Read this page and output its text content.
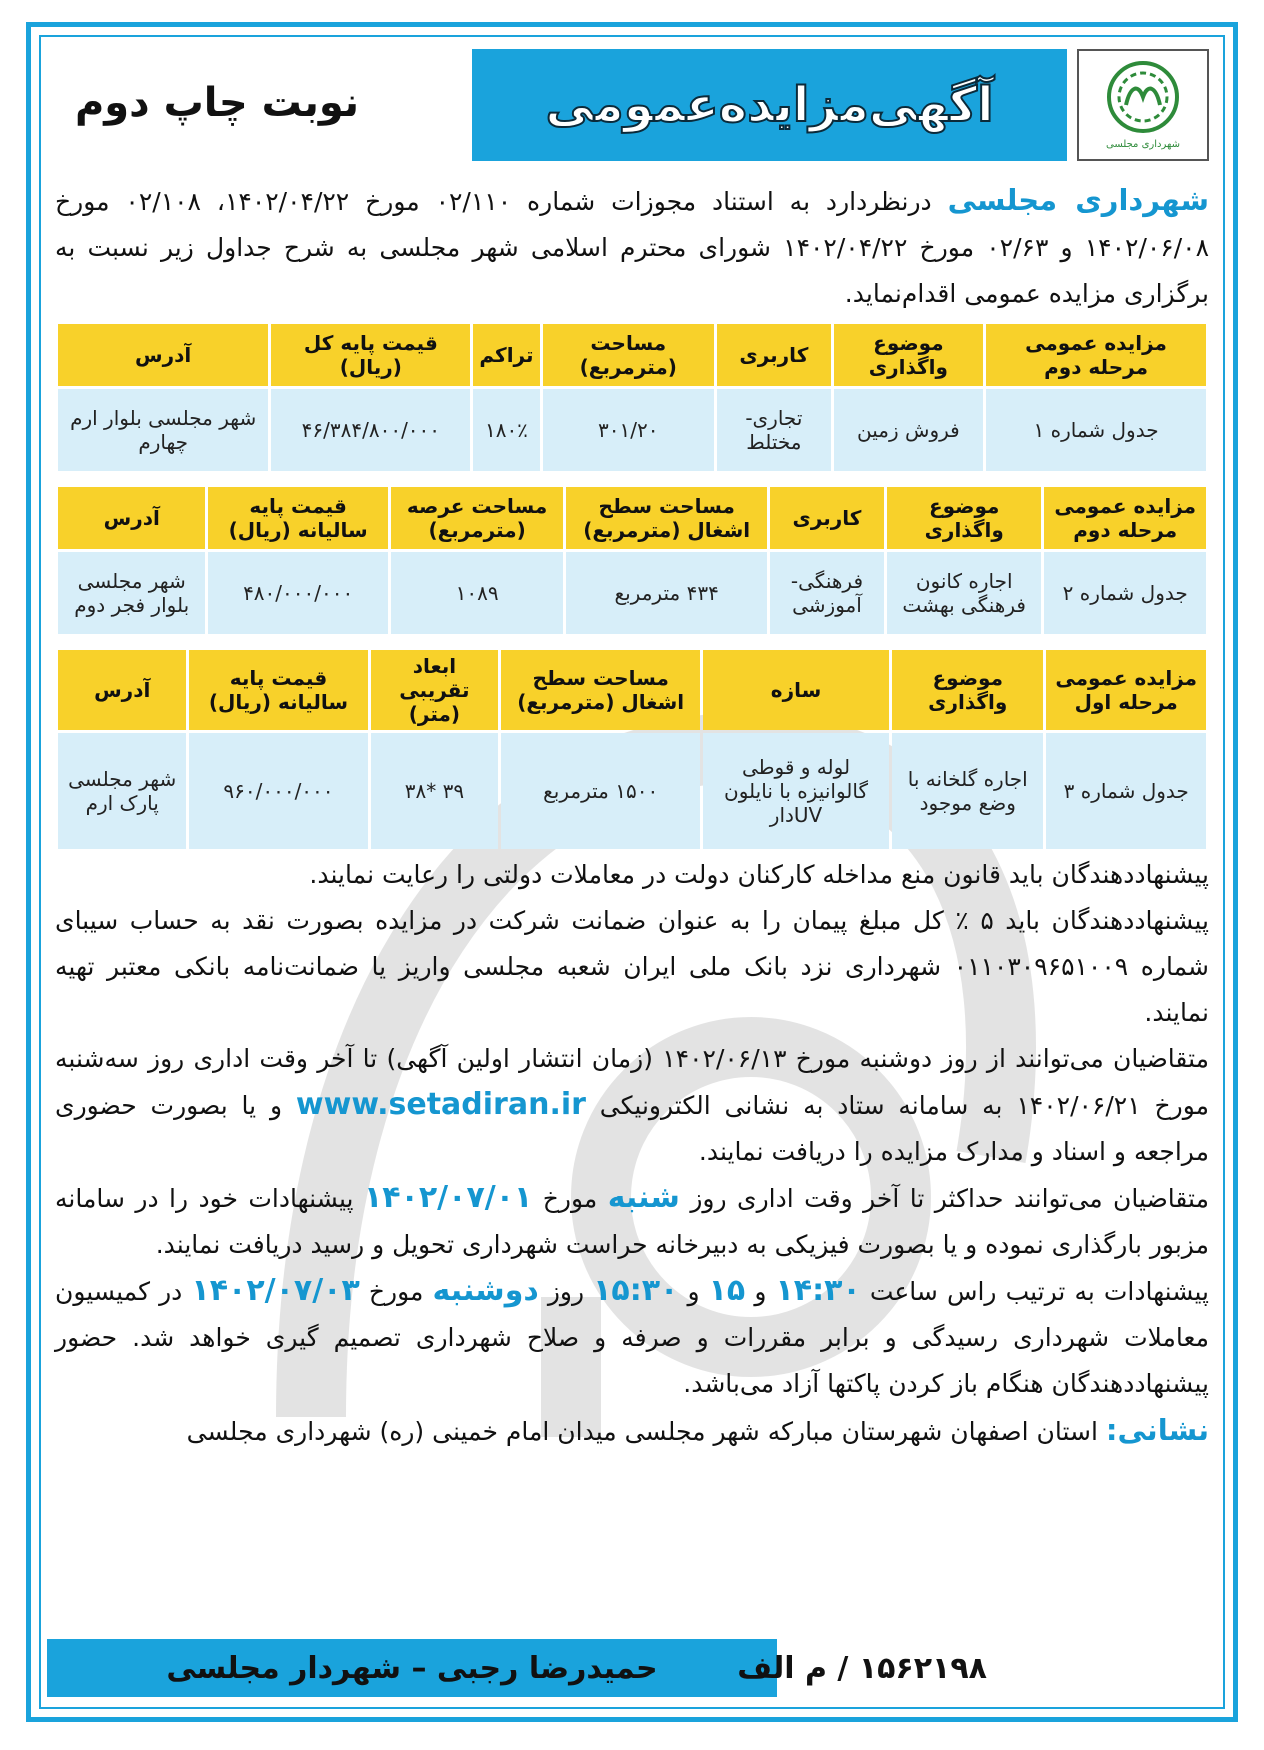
نوبت چاپ دوم	آگهی‌مزایده‌عمومی
شهرداری مجلسی

شهرداری مجلسی درنظردارد به استناد مجوزات شماره ۰۲/۱۱۰ مورخ ۱۴۰۲/۰۴/۲۲، ۰۲/۱۰۸ مورخ ۱۴۰۲/۰۶/۰۸ و ۰۲/۶۳ مورخ ۱۴۰۲/۰۴/۲۲ شورای محترم اسلامی شهر مجلسی به شرح جداول زیر نسبت به برگزاری مزایده عمومی اقدام‌نماید.

مزایده عمومی مرحله دوم	موضوع واگذاری	کاربری	مساحت (مترمربع)	تراکم	قیمت پایه کل (ریال)	آدرس
جدول شماره ۱	فروش زمین	تجاری-مختلط	۳۰۱/۲۰	۱۸۰٪	۴۶/۳۸۴/۸۰۰/۰۰۰	شهر مجلسی بلوار ارم چهارم
مزایده عمومی مرحله دوم	موضوع واگذاری	کاربری	مساحت سطح اشغال (مترمربع)	مساحت عرصه (مترمربع)	قیمت پایه سالیانه (ریال)	آدرس
جدول شماره ۲	اجاره کانون فرهنگی بهشت	فرهنگی-آموزشی	۴۳۴ مترمربع	۱۰۸۹	۴۸۰/۰۰۰/۰۰۰	شهر مجلسی بلوار فجر دوم
مزایده عمومی مرحله اول	موضوع واگذاری	سازه	مساحت سطح اشغال (مترمربع)	ابعاد تقریبی (متر)	قیمت پایه سالیانه (ریال)	آدرس
جدول شماره ۳	اجاره گلخانه با وضع موجود	لوله و قوطی گالوانیزه با نایلون UVدار	۱۵۰۰ مترمربع	۳۹ *۳۸	۹۶۰/۰۰۰/۰۰۰	شهر مجلسی پارک ارم

پیشنهاددهندگان باید قانون منع مداخله کارکنان دولت در معاملات دولتی را رعایت نمایند.

پیشنهاددهندگان باید ۵ ٪ کل مبلغ پیمان را به عنوان ضمانت شرکت در مزایده بصورت نقد به حساب سیبای شماره ۰۱۱۰۳۰۹۶۵۱۰۰۹ شهرداری نزد بانک ملی ایران شعبه مجلسی واریز یا ضمانت‌نامه بانکی معتبر تهیه نمایند.

متقاضیان می‌توانند از روز دوشنبه مورخ ۱۴۰۲/۰۶/۱۳ (زمان انتشار اولین آگهی) تا آخر وقت اداری روز سه‌شنبه مورخ ۱۴۰۲/۰۶/۲۱ به سامانه ستاد به نشانی الکترونیکی www.setadiran.ir و یا بصورت حضوری مراجعه و اسناد و مدارک مزایده را دریافت نمایند.

متقاضیان می‌توانند حداکثر تا آخر وقت اداری روز شنبه مورخ ۱۴۰۲/۰۷/۰۱ پیشنهادات خود را در سامانه مزبور بارگذاری نموده و یا بصورت فیزیکی به دبیرخانه حراست شهرداری تحویل و رسید دریافت نمایند.

پیشنهادات به ترتیب راس ساعت ۱۴:۳۰ و ۱۵ و ۱۵:۳۰ روز دوشنبه مورخ ۱۴۰۲/۰۷/۰۳ در کمیسیون معاملات شهرداری رسیدگی و برابر مقررات و صرفه و صلاح شهرداری تصمیم گیری خواهد شد. حضور پیشنهاددهندگان هنگام باز کردن پاکتها آزاد می‌باشد.

نشانی: استان اصفهان شهرستان مبارکه شهر مجلسی میدان امام خمینی (ره) شهرداری مجلسی

حمیدرضا رجبی – شهردار مجلسی	۱۵۶۲۱۹۸ / م الف
